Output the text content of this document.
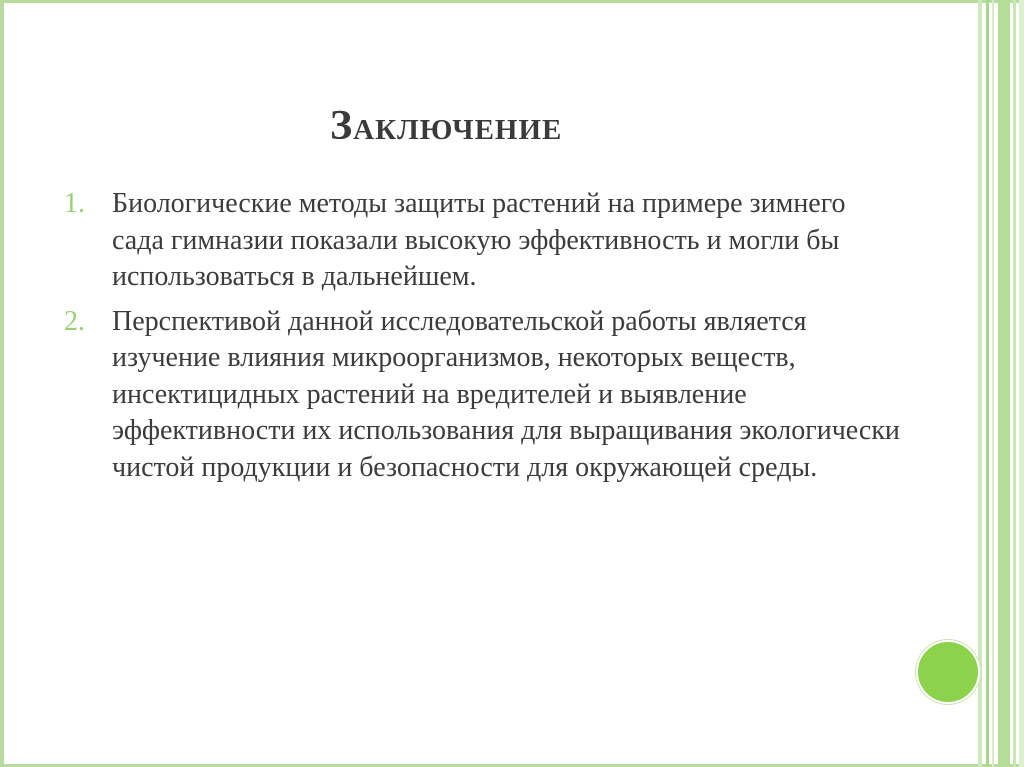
Заключение
1. Биологические методы защиты растений на примере зимнего сада гимназии показали высокую эффективность и могли бы использоваться в дальнейшем.
2. Перспективой данной исследовательской работы является изучение влияния микроорганизмов, некоторых веществ, инсектицидных растений на вредителей и выявление эффективности их использования для выращивания экологически чистой продукции и безопасности для окружающей среды.
